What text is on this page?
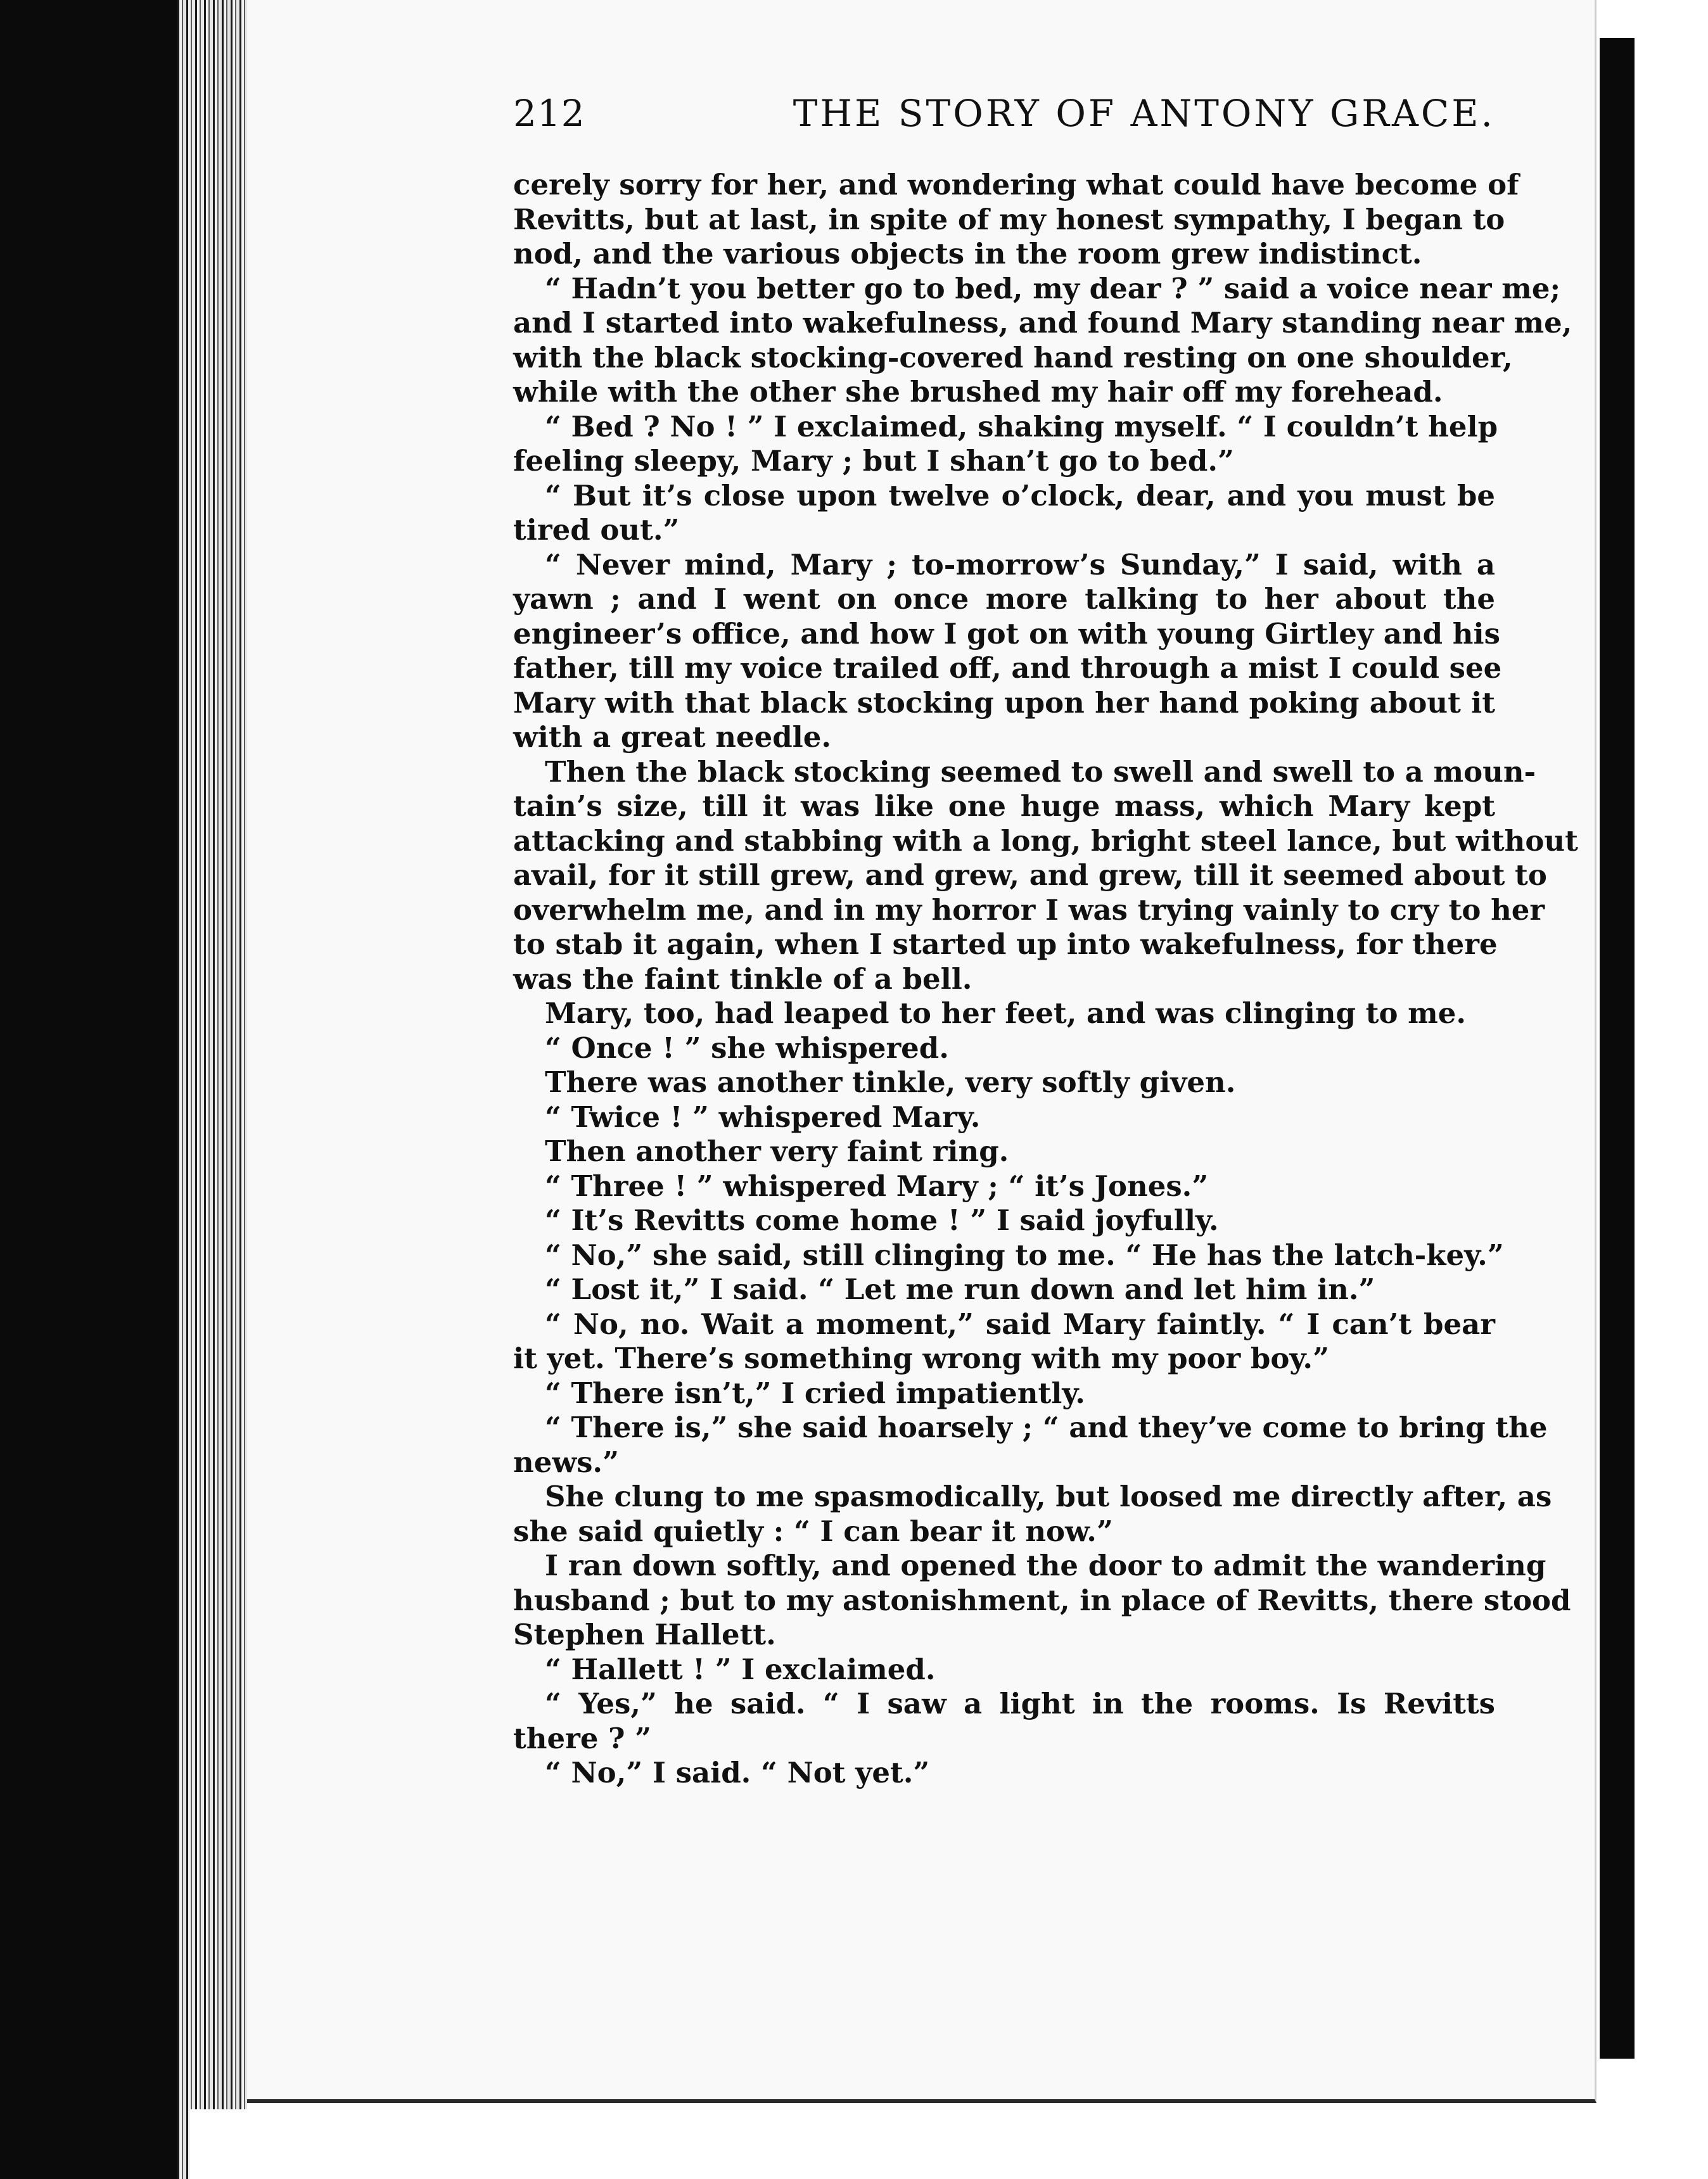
212	THE STORY OF ANTONY GRACE.
cerely sorry for her, and wondering what could have become of
Revitts, but at last, in spite of my honest sympathy, I began to
nod, and the various objects in the room grew indistinct.
“ Hadn’t you better go to bed, my dear ? ” said a voice near me;
and I started into wakefulness, and found Mary standing near me,
with the black stocking-covered hand resting on one shoulder,
while with the other she brushed my hair off my forehead.
“ Bed ? No ! ” I exclaimed, shaking myself. “ I couldn’t help
feeling sleepy, Mary ; but I shan’t go to bed.”
“ But it’s close upon twelve o’clock, dear, and you must be
tired out.”
“ Never mind, Mary ; to-morrow’s Sunday,” I said, with a
yawn ; and I went on once more talking to her about the
engineer’s office, and how I got on with young Girtley and his
father, till my voice trailed off, and through a mist I could see
Mary with that black stocking upon her hand poking about it
with a great needle.
Then the black stocking seemed to swell and swell to a moun-
tain’s size, till it was like one huge mass, which Mary kept
attacking and stabbing with a long, bright steel lance, but without
avail, for it still grew, and grew, and grew, till it seemed about to
overwhelm me, and in my horror I was trying vainly to cry to her
to stab it again, when I started up into wakefulness, for there
was the faint tinkle of a bell.
Mary, too, had leaped to her feet, and was clinging to me.
“ Once ! ” she whispered.
There was another tinkle, very softly given.
“ Twice ! ” whispered Mary.
Then another very faint ring.
“ Three ! ” whispered Mary ; “ it’s Jones.”
“ It’s Revitts come home ! ” I said joyfully.
“ No,” she said, still clinging to me. “ He has the latch-key.”
“ Lost it,” I said. “ Let me run down and let him in.”
“ No, no. Wait a moment,” said Mary faintly. “ I can’t bear
it yet. There’s something wrong with my poor boy.”
“ There isn’t,” I cried impatiently.
“ There is,” she said hoarsely ; “ and they’ve come to bring the
news.”
She clung to me spasmodically, but loosed me directly after, as
she said quietly : “ I can bear it now.”
I ran down softly, and opened the door to admit the wandering
husband ; but to my astonishment, in place of Revitts, there stood
Stephen Hallett.
“ Hallett ! ” I exclaimed.
“ Yes,” he said. “ I saw a light in the rooms. Is Revitts
there ? ”
“ No,” I said. “ Not yet.”
